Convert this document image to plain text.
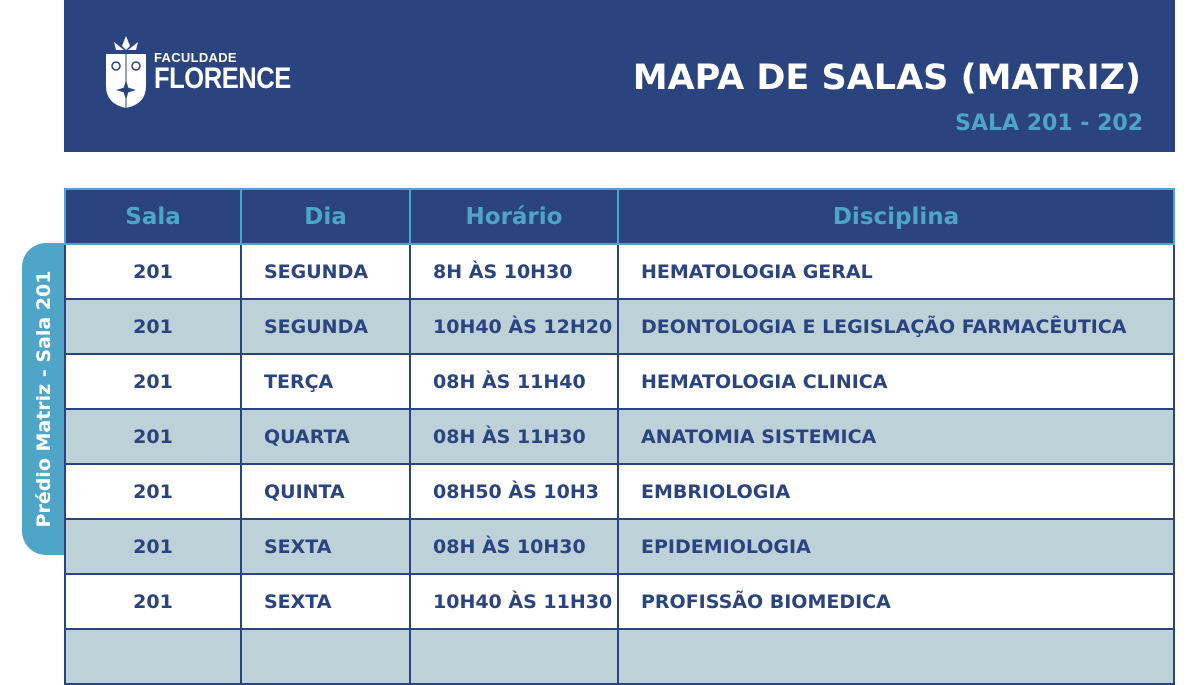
FACULDADE
FLORENCE	MAPA DE SALAS (MATRIZ)
SALA 201 - 202
Prédio Matriz - Sala 201
Sala	Dia	Horário	Disciplina
201	SEGUNDA	8H ÀS 10H30	HEMATOLOGIA GERAL
201	SEGUNDA	10H40 ÀS 12H20	DEONTOLOGIA E LEGISLAÇÃO FARMACÊUTICA
201	TERÇA	08H ÀS 11H40	HEMATOLOGIA CLINICA
201	QUARTA	08H ÀS 11H30	ANATOMIA SISTEMICA
201	QUINTA	08H50 ÀS 10H3	EMBRIOLOGIA
201	SEXTA	08H ÀS 10H30	EPIDEMIOLOGIA
201	SEXTA	10H40 ÀS 11H30	PROFISSÃO BIOMEDICA
